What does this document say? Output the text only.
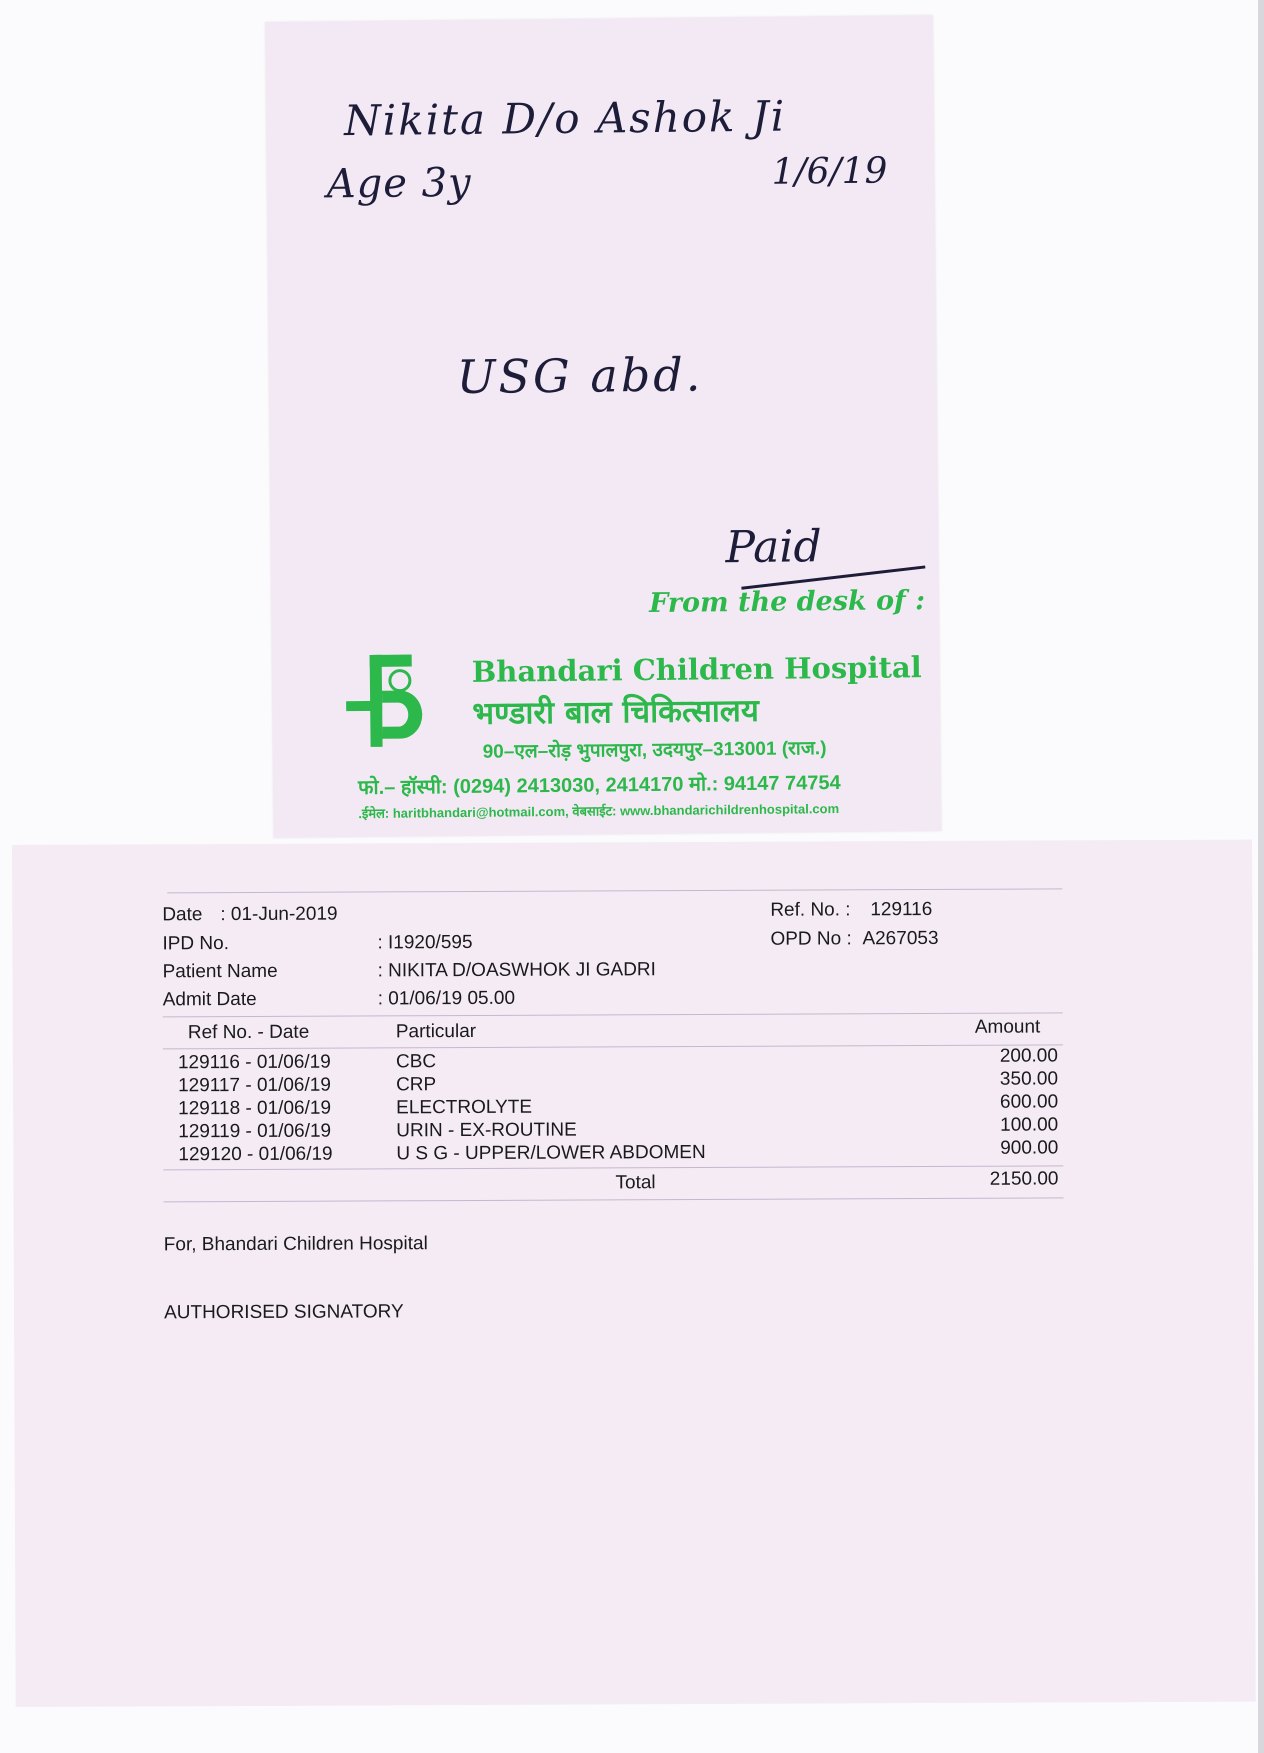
Nikita D/o Ashok Ji
Age 3y	1/6/19
USG abd.
Paid
From the desk of :
Bhandari Children Hospital
भण्डारी बाल चिकित्सालय
90–एल–रोड़ भुपालपुरा, उदयपुर–313001 (राज.)
फो.– हॉस्पी: (0294) 2413030, 2414170 मो.: 94147 74754
.ईमेल: haritbhandari@hotmail.com, वेबसाईट: www.bhandarichildrenhospital.com
Date : 01-Jun-2019	Ref. No. : 129116
IPD No.	: I1920/595	OPD No : A267053
Patient Name	: NIKITA D/OASWHOK JI GADRI
Admit Date	: 01/06/19 05.00
Ref No. - Date	Particular	Amount
129116 - 01/06/19	CBC	200.00
129117 - 01/06/19	CRP	350.00
129118 - 01/06/19	ELECTROLYTE	600.00
129119 - 01/06/19	URIN - EX-ROUTINE	100.00
129120 - 01/06/19	U S G - UPPER/LOWER ABDOMEN	900.00
Total	2150.00
For, Bhandari Children Hospital
AUTHORISED SIGNATORY
